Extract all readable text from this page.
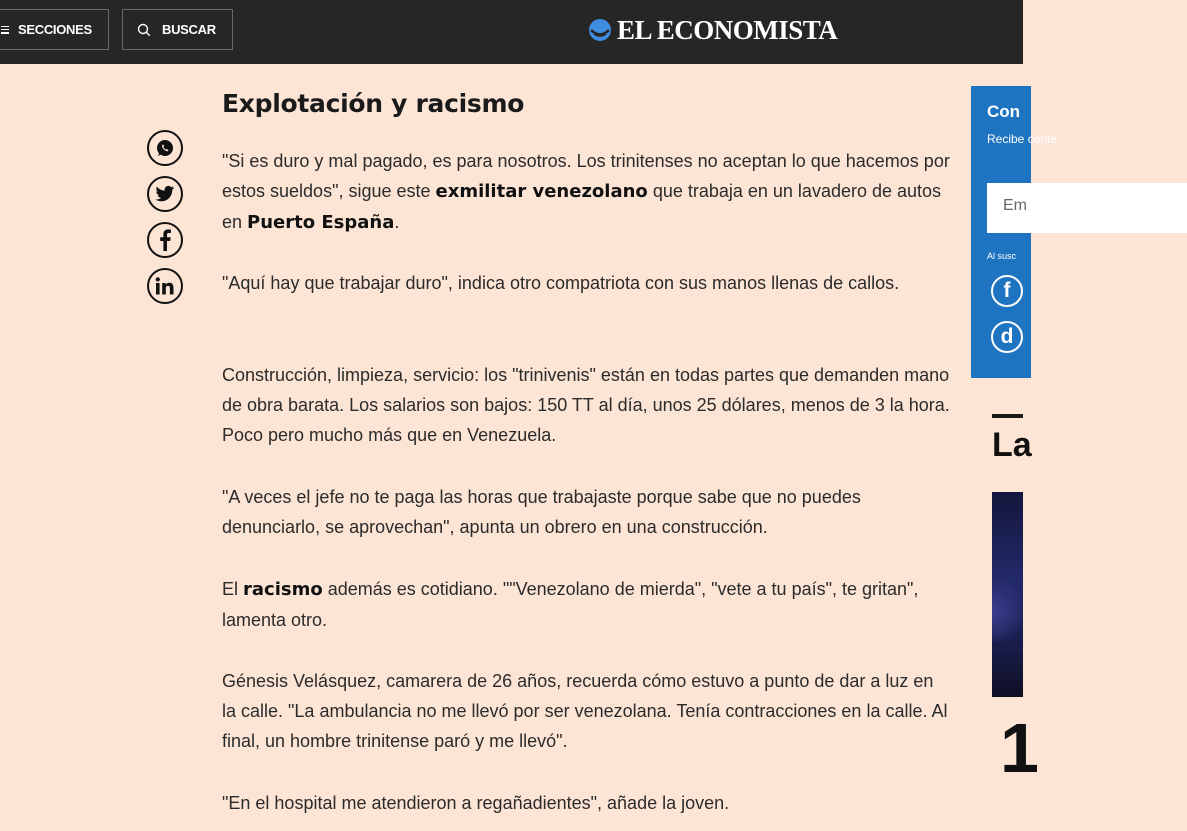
SECCIONES	BUSCAR	EL ECONOMISTA
Explotación y racismo

"Si es duro y mal pagado, es para nosotros. Los trinitenses no aceptan lo que hacemos por estos sueldos", sigue este exmilitar venezolano que trabaja en un lavadero de autos en Puerto España.

"Aquí hay que trabajar duro", indica otro compatriota con sus manos llenas de callos.

Construcción, limpieza, servicio: los "trinivenis" están en todas partes que demanden mano de obra barata. Los salarios son bajos: 150 TT al día, unos 25 dólares, menos de 3 la hora. Poco pero mucho más que en Venezuela.

"A veces el jefe no te paga las horas que trabajaste porque sabe que no puedes denunciarlo, se aprovechan", apunta un obrero en una construcción.

El racismo además es cotidiano. ""Venezolano de mierda", "vete a tu país", te gritan", lamenta otro.

Génesis Velásquez, camarera de 26 años, recuerda cómo estuvo a punto de dar a luz en la calle. "La ambulancia no me llevó por ser venezolana. Tenía contracciones en la calle. Al final, un hombre trinitense paró y me llevó".

"En el hospital me atendieron a regañadientes", añade la joven.

Con
Recibe conte
Em
Al susc
f
d
La
1
